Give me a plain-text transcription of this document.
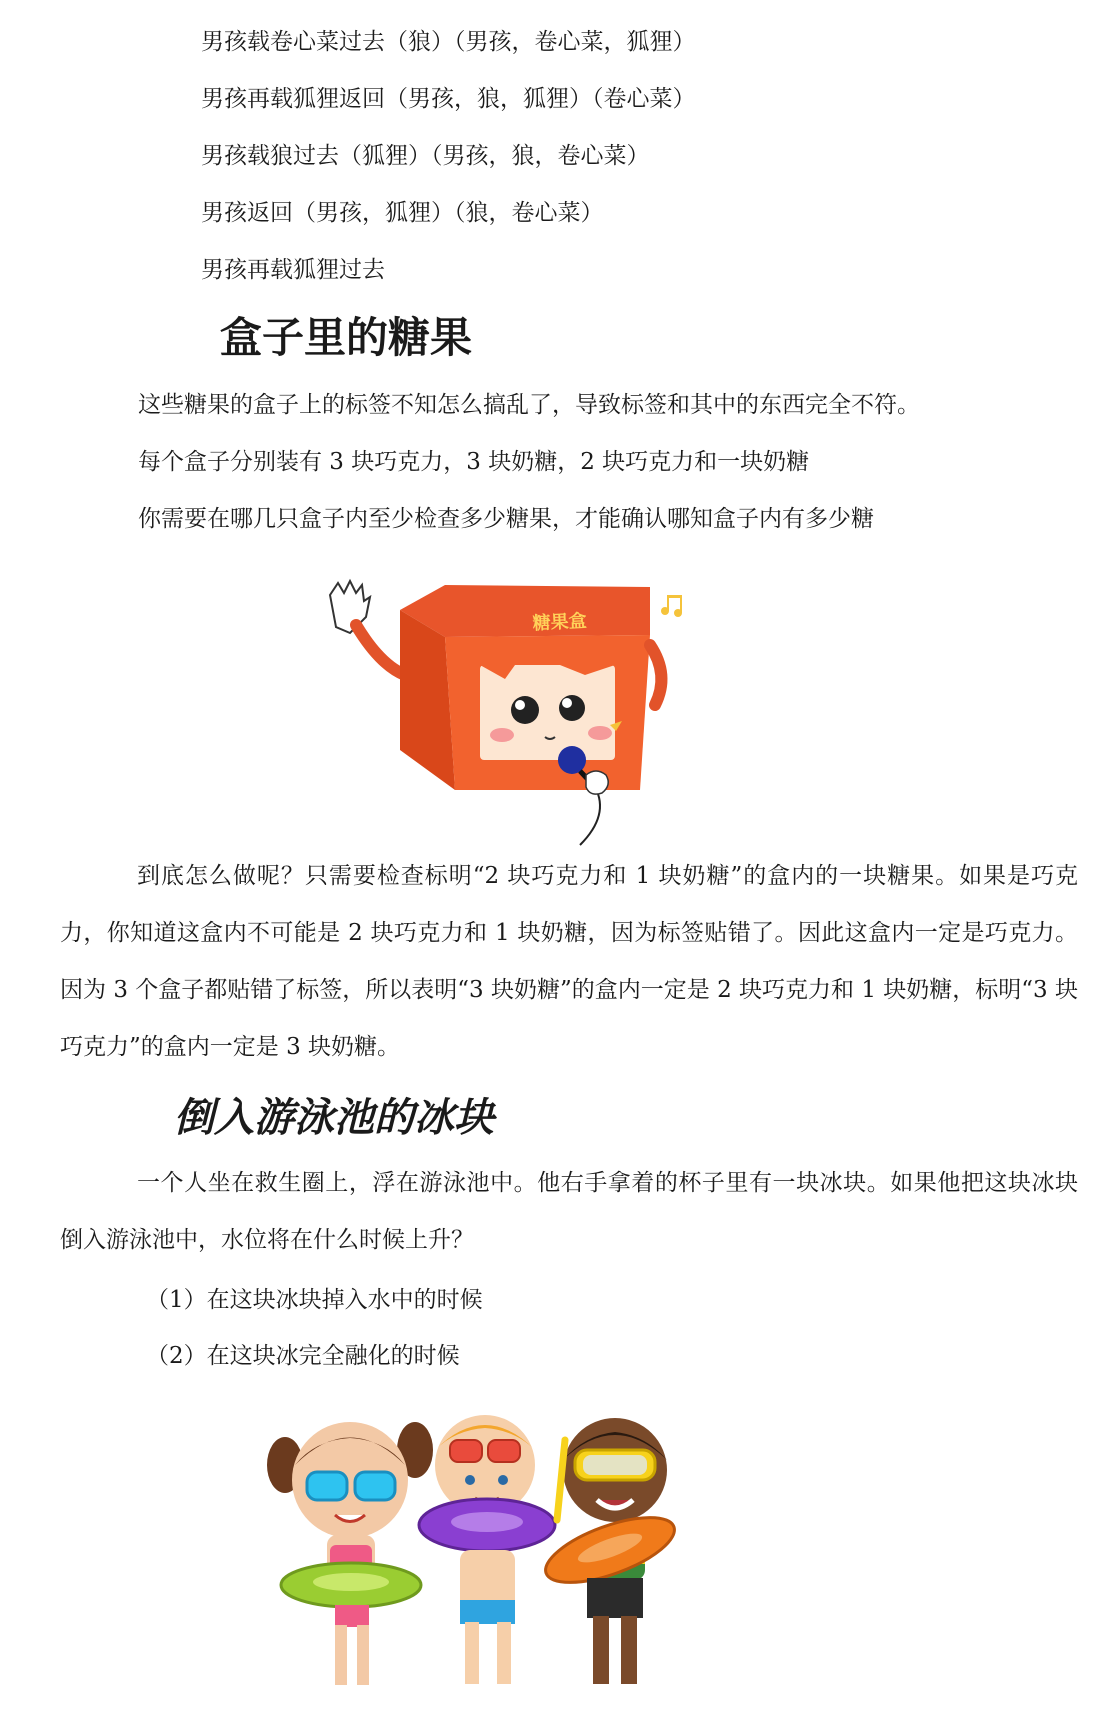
男孩载卷心菜过去（狼）（男孩，卷心菜，狐狸）
男孩再载狐狸返回（男孩，狼，狐狸）（卷心菜）
男孩载狼过去（狐狸）（男孩，狼，卷心菜）
男孩返回（男孩，狐狸）（狼，卷心菜）
男孩再载狐狸过去
盒子里的糖果
这些糖果的盒子上的标签不知怎么搞乱了，导致标签和其中的东西完全不符。
每个盒子分别装有 3 块巧克力，3 块奶糖，2 块巧克力和一块奶糖
你需要在哪几只盒子内至少检查多少糖果，才能确认哪知盒子内有多少糖
糖果盒
到底怎么做呢？只需要检查标明“2 块巧克力和 1 块奶糖”的盒内的一块糖果。如果是巧克力，你知道这盒内不可能是 2 块巧克力和 1 块奶糖，因为标签贴错了。因此这盒内一定是巧克力。因为 3 个盒子都贴错了标签，所以表明“3 块奶糖”的盒内一定是 2 块巧克力和 1 块奶糖，标明“3 块巧克力”的盒内一定是 3 块奶糖。
倒入游泳池的冰块
一个人坐在救生圈上，浮在游泳池中。他右手拿着的杯子里有一块冰块。如果他把这块冰块倒入游泳池中，水位将在什么时候上升？
（1）在这块冰块掉入水中的时候
（2）在这块冰完全融化的时候
